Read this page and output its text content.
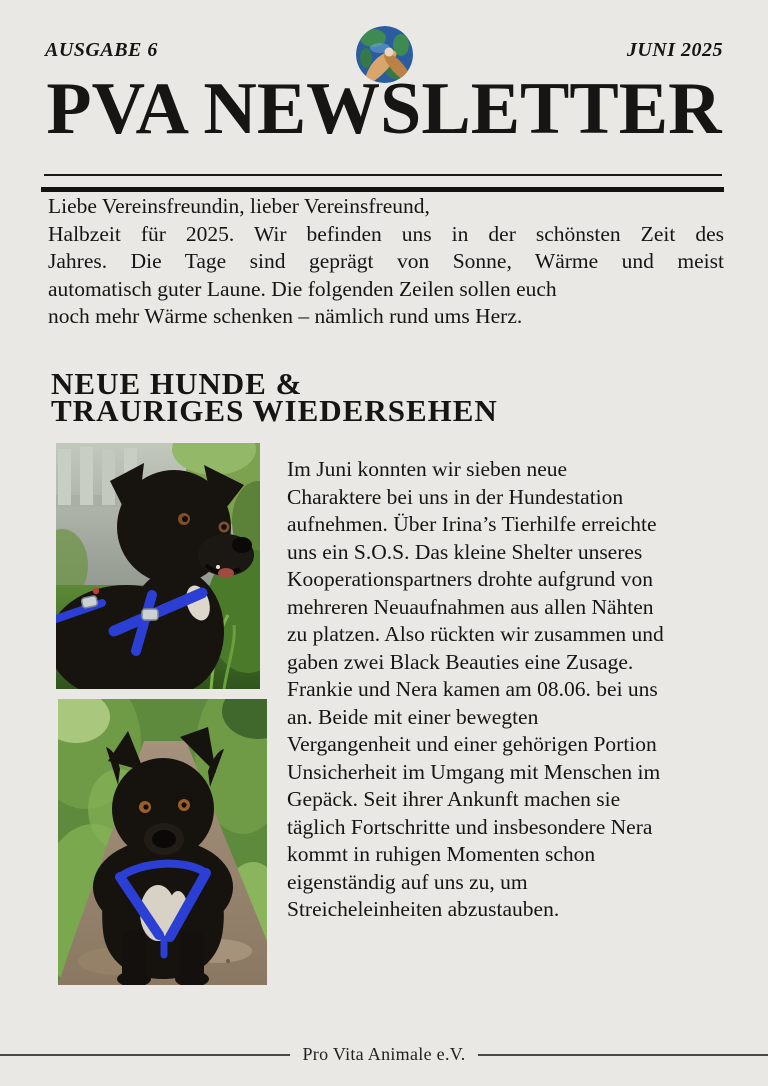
AUSGABE 6	JUNI 2025
PVA NEWSLETTER
Liebe Vereinsfreundin, lieber Vereinsfreund,
Halbzeit für 2025. Wir befinden uns in der schönsten Zeit des
Jahres. Die Tage sind geprägt von Sonne, Wärme und meist
automatisch guter Laune. Die folgenden Zeilen sollen euch
noch mehr Wärme schenken – nämlich rund ums Herz.
NEUE HUNDE &
TRAURIGES WIEDERSEHEN
Im Juni konnten wir sieben neue
Charaktere bei uns in der Hundestation
aufnehmen. Über Irina’s Tierhilfe erreichte
uns ein S.O.S. Das kleine Shelter unseres
Kooperationspartners drohte aufgrund von
mehreren Neuaufnahmen aus allen Nähten
zu platzen. Also rückten wir zusammen und
gaben zwei Black Beauties eine Zusage.
Frankie und Nera kamen am 08.06. bei uns
an. Beide mit einer bewegten
Vergangenheit und einer gehörigen Portion
Unsicherheit im Umgang mit Menschen im
Gepäck. Seit ihrer Ankunft machen sie
täglich Fortschritte und insbesondere Nera
kommt in ruhigen Momenten schon
eigenständig auf uns zu, um
Streicheleinheiten abzustauben.
Pro Vita Animale e.V.
